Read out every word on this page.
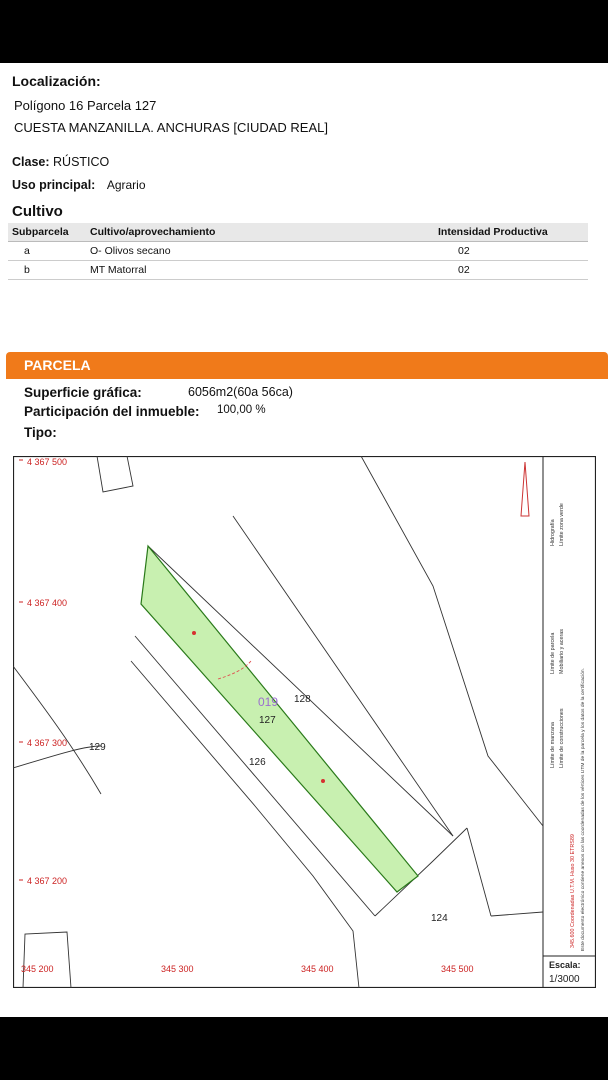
Localización:
Polígono 16 Parcela 127
CUESTA MANZANILLA. ANCHURAS [CIUDAD REAL]
Clase: RÚSTICO
Uso principal: Agrario
Cultivo
Subparcela	Cultivo/aprovechamiento	Intensidad Productiva
a	O- Olivos secano	02
b	MT Matorral	02
PARCELA
Superficie gráfica:	6056m2(60a 56ca)
Participación del inmueble: 100,00 %
Tipo:
4 367 500
4 367 400
4 367 300
4 367 200
345 200	345 300	345 400	345 500
019 128
127
126
129
124
Límite de manzana
Límite de parcela
Hidrografía
Límite de construcciones
Mobiliario y aceras
Límite zona verde
345.600 Coordenadas U.T.M. Huso 30 ETRS89 Este documento electrónico contiene anexos con las coordenadas de los vértices UTM de la parcela y los datos de la certificación.
Escala:
1/3000
